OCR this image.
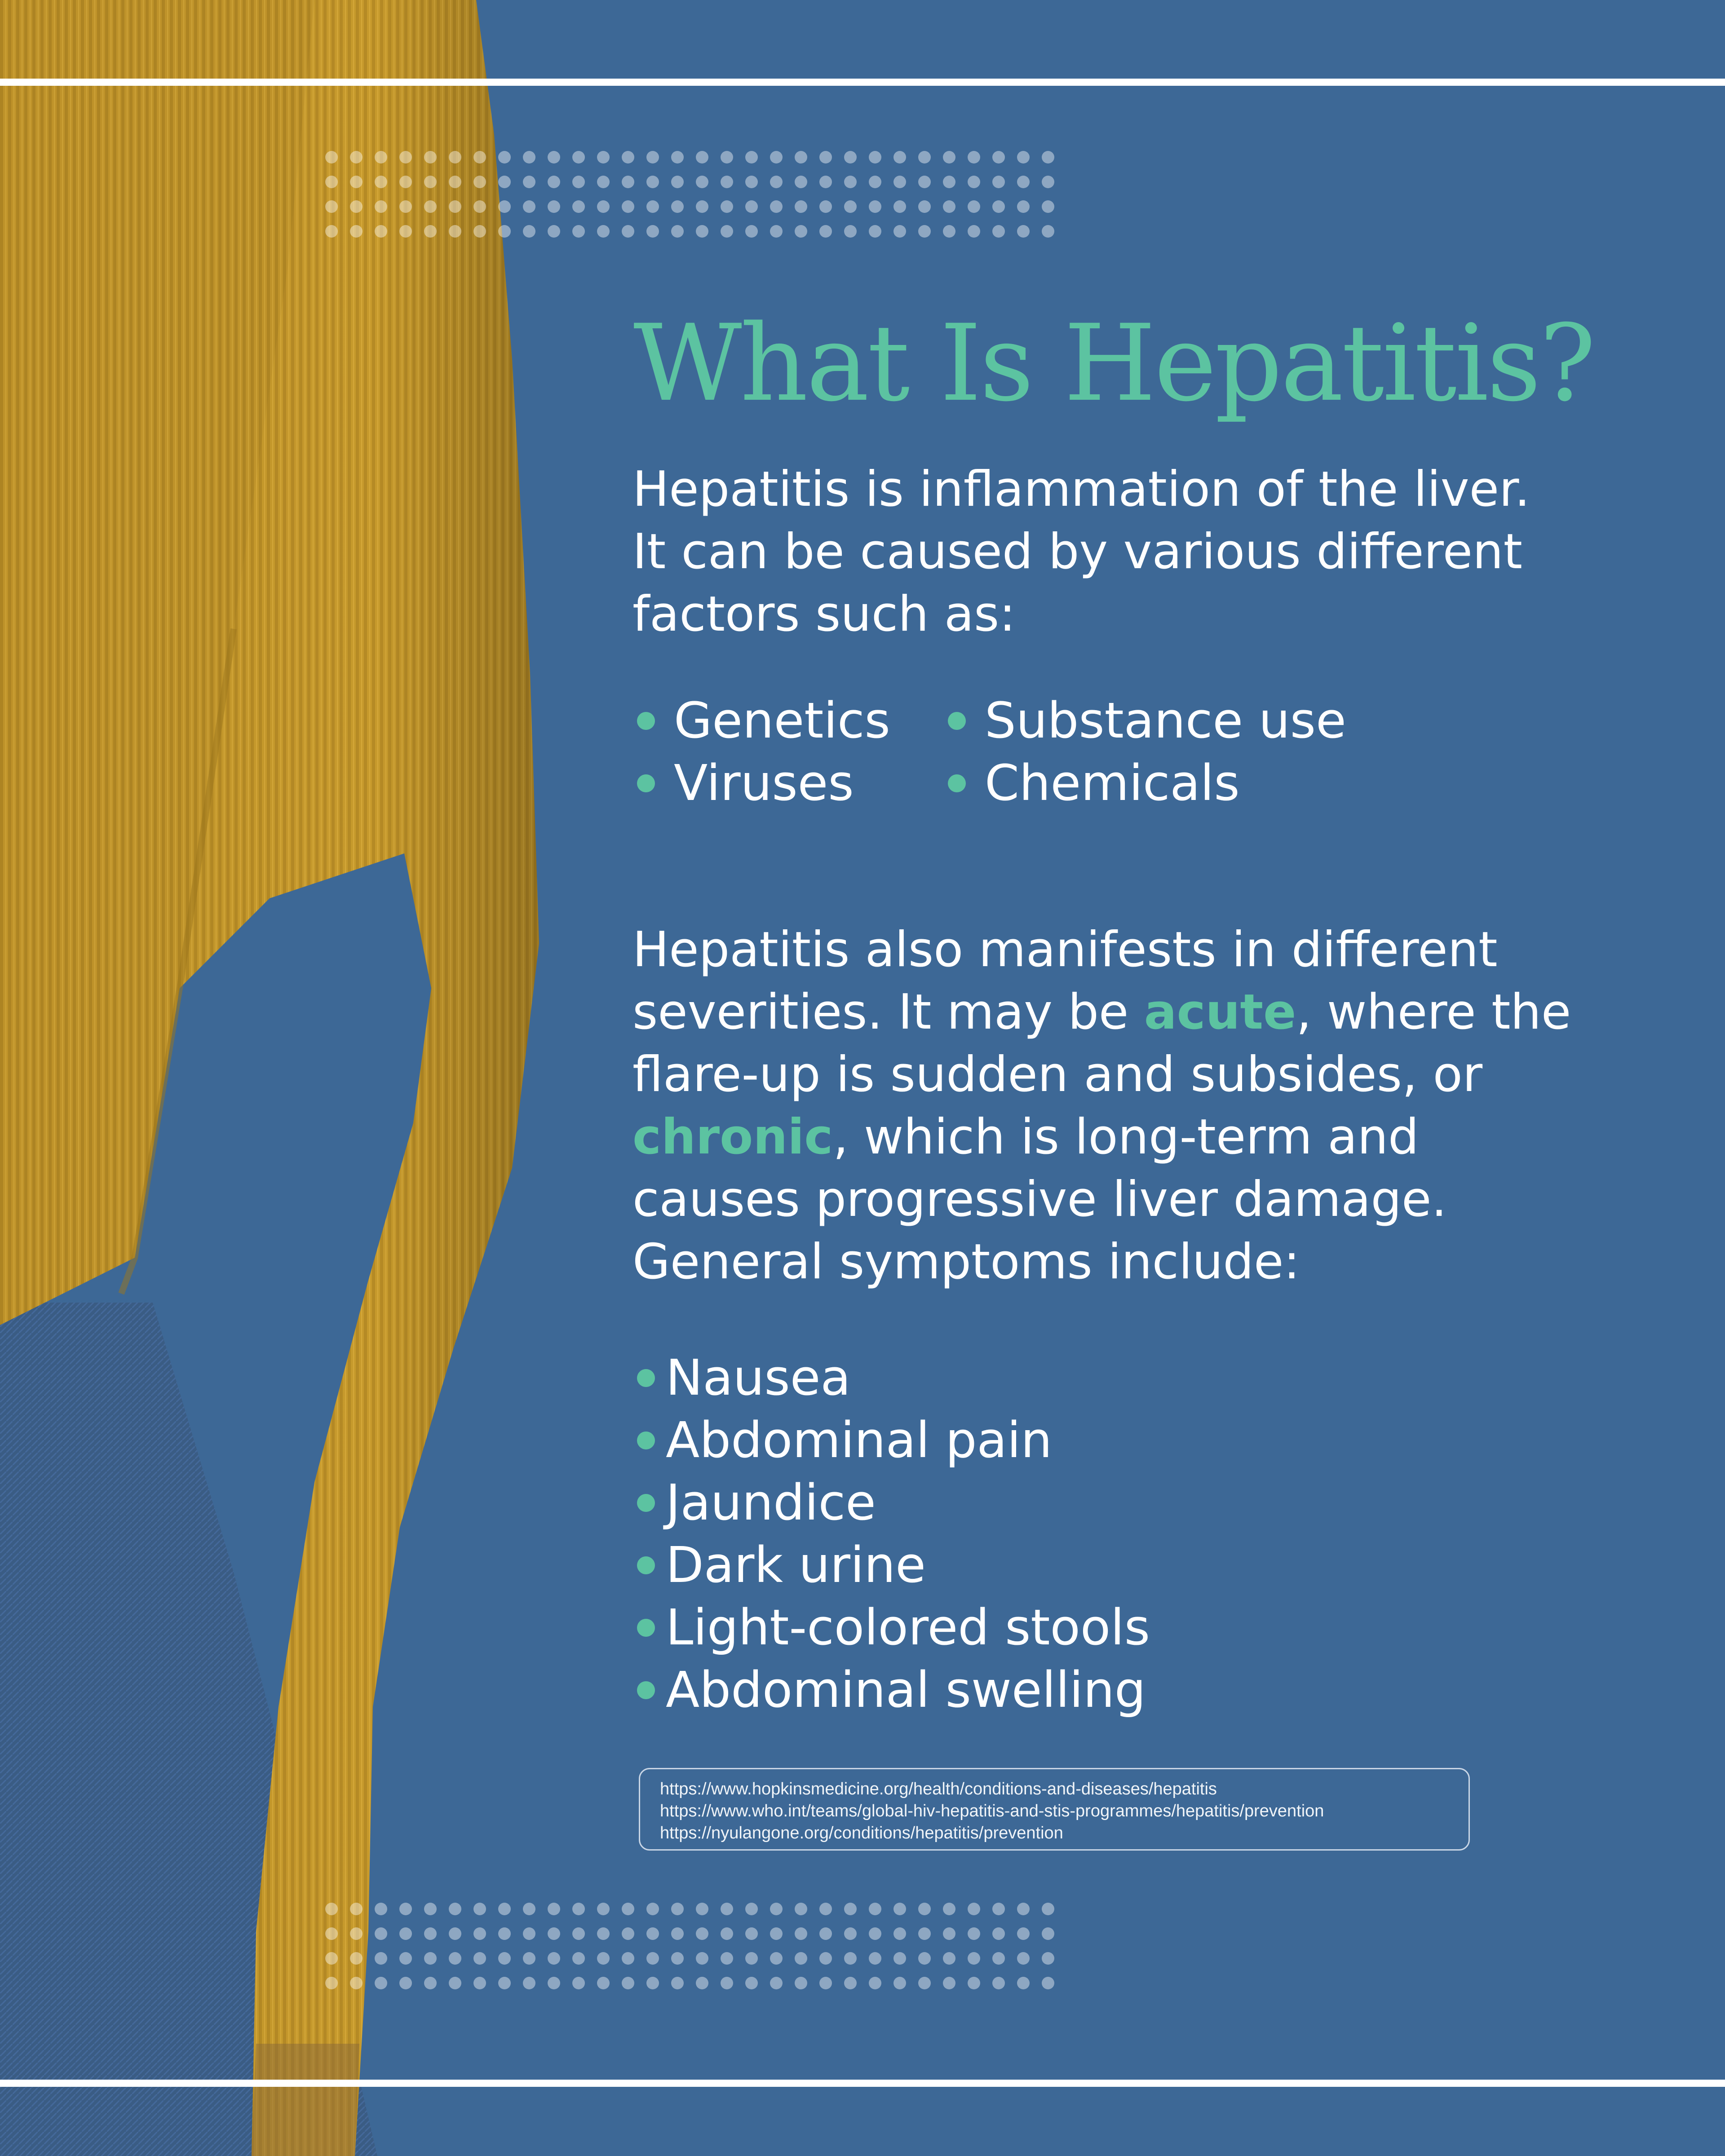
What Is Hepatitis?
Hepatitis is inflammation of the liver. It can be caused by various different factors such as:
Genetics
Viruses
Substance use
Chemicals
Hepatitis also manifests in different severities. It may be acute, where the flare-up is sudden and subsides, or chronic, which is long-term and causes progressive liver damage. General symptoms include:
Nausea
Abdominal pain
Jaundice
Dark urine
Light-colored stools
Abdominal swelling
https://www.hopkinsmedicine.org/health/conditions-and-diseases/hepatitis
https://www.who.int/teams/global-hiv-hepatitis-and-stis-programmes/hepatitis/prevention
https://nyulangone.org/conditions/hepatitis/prevention
